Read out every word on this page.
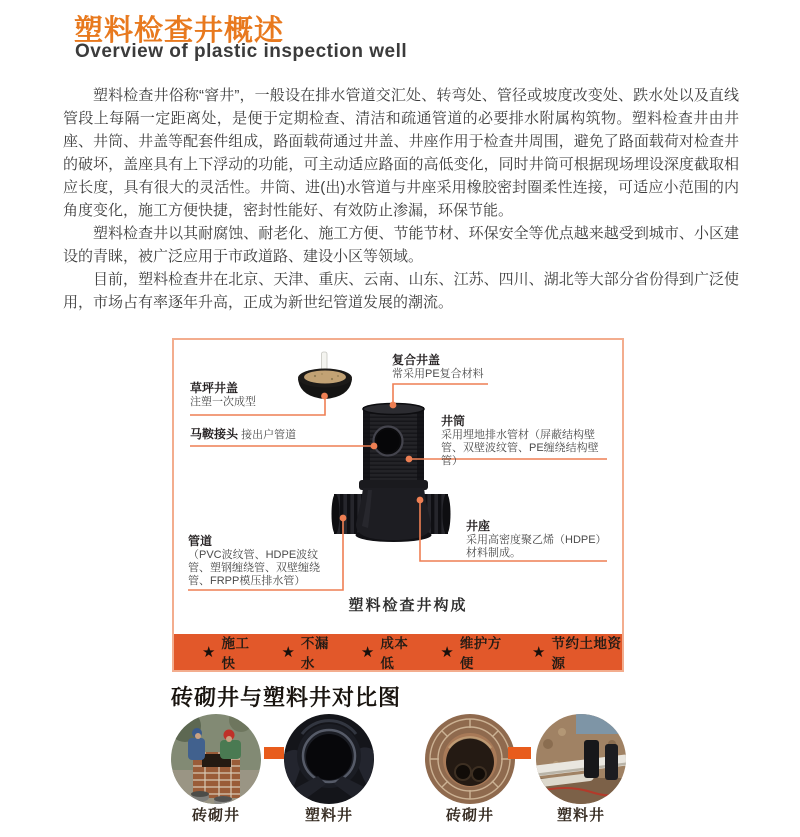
塑料检查井概述
Overview of plastic inspection well

塑料检查井俗称“窨井”，一般设在排水管道交汇处、转弯处、管径或坡度改变处、跌水处以及直线管段上每隔一定距离处，是便于定期检查、清洁和疏通管道的必要排水附属构筑物。塑料检查井由井座、井筒、井盖等配套件组成，路面载荷通过井盖、井座作用于检查井周围，避免了路面载荷对检查井的破坏，盖座具有上下浮动的功能，可主动适应路面的高低变化，同时井筒可根据现场埋设深度截取相应长度，具有很大的灵活性。井筒、进(出)水管道与井座采用橡胶密封圈柔性连接，可适应小范围的内角度变化，施工方便快捷，密封性能好、有效防止渗漏，环保节能。

塑料检查井以其耐腐蚀、耐老化、施工方便、节能节材、环保安全等优点越来越受到城市、小区建设的青睐，被广泛应用于市政道路、建设小区等领域。

目前，塑料检查井在北京、天津、重庆、云南、山东、江苏、四川、湖北等大部分省份得到广泛使用，市场占有率逐年升高，正成为新世纪管道发展的潮流。

草坪井盖
注塑一次成型
复合井盖
常采用PE复合材料
马鞍接头 接出户管道
井筒
采用埋地排水管材（屏蔽结构壁管、双壁波纹管、PE缠绕结构壁管）
管道
（PVC波纹管、HDPE波纹管、塑钢缠绕管、双壁缠绕管、FRPP模压排水管）
井座
采用高密度聚乙烯（HDPE）材料制成。
塑料检查井构成
★ 施工快
★ 不漏水
★ 成本低
★ 维护方便
★ 节约土地资源
砖砌井与塑料井对比图
砖砌井	塑料井	砖砌井	塑料井
